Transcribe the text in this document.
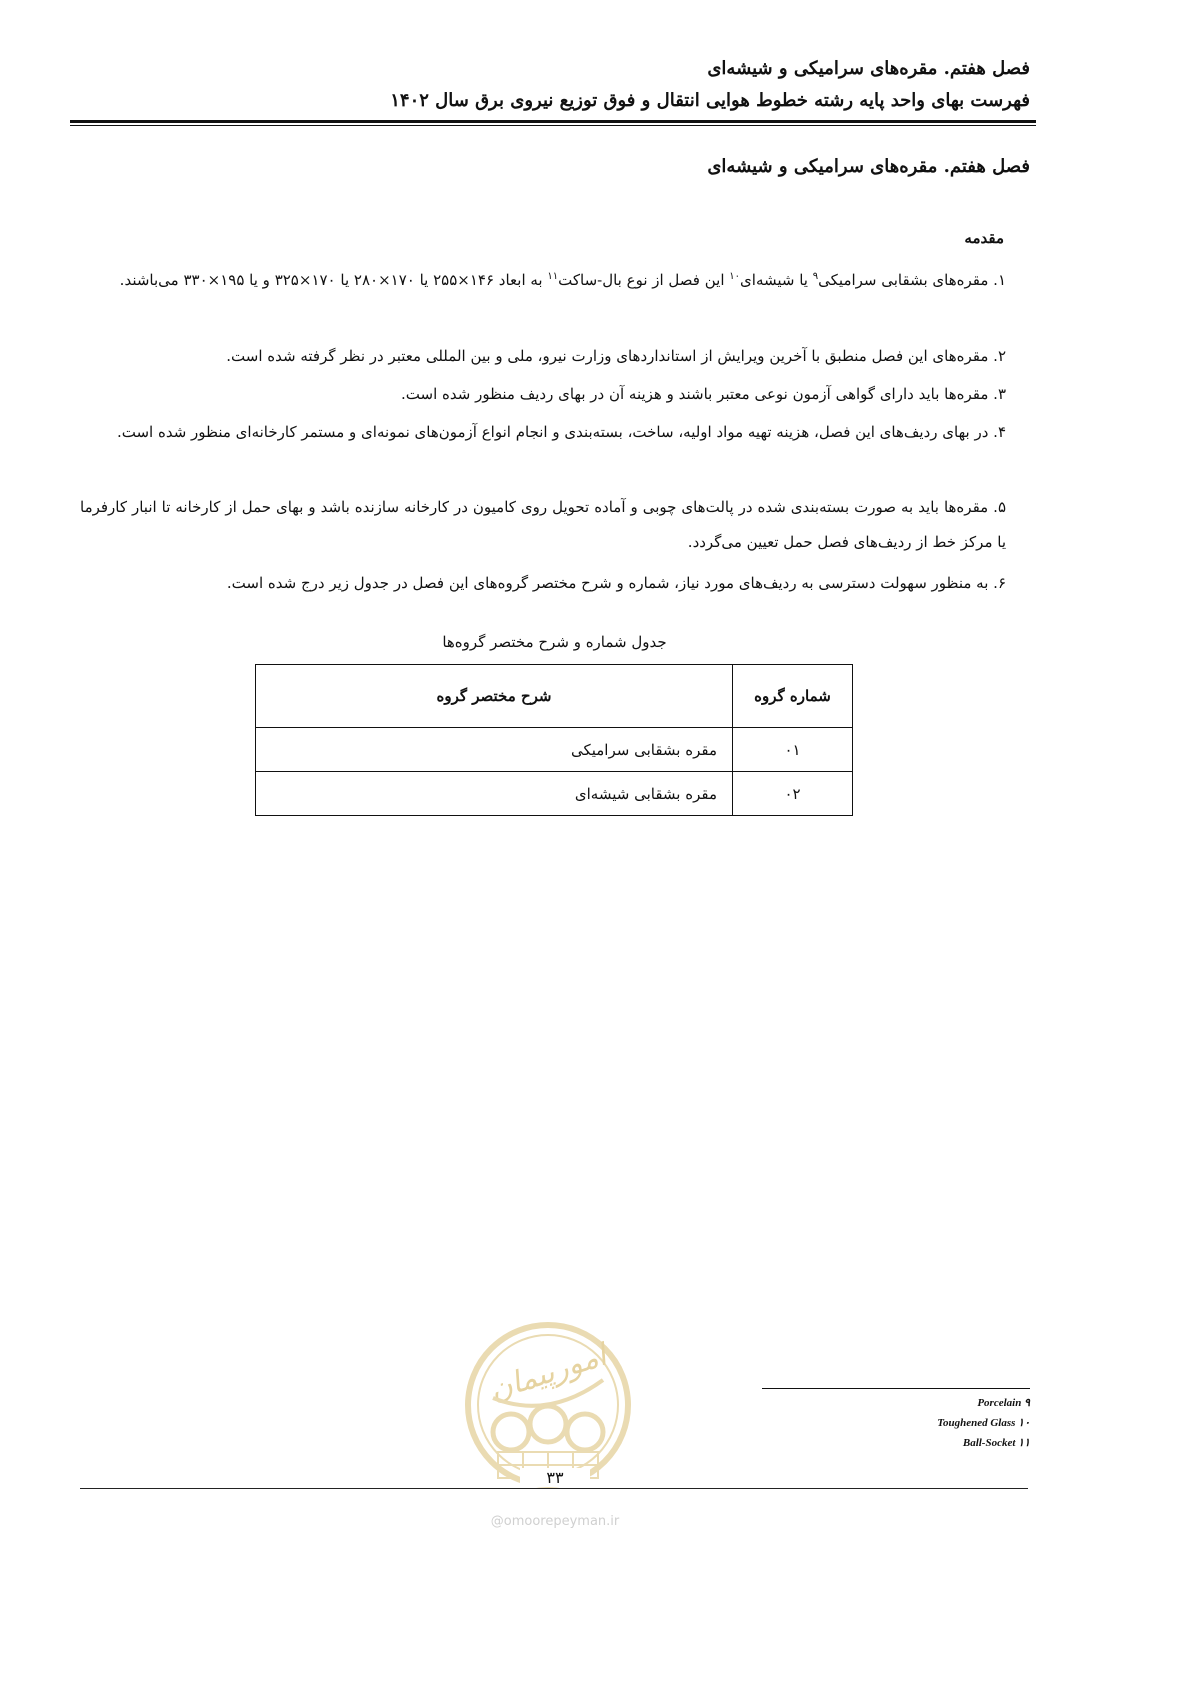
فصل هفتم. مقره‌های سرامیکی و شیشه‌ای
فهرست بهای واحد پایه رشته خطوط هوایی انتقال و فوق توزیع نیروی برق سال ۱۴۰۲
فصل هفتم. مقره‌های سرامیکی و شیشه‌ای
مقدمه
۱. مقره‌های بشقابی سرامیکی$^۹$ یا شیشه‌ای$^{۱۰}$ این فصل از نوع بال-ساکت$^{۱۱}$ به ابعاد ۱۴۶×۲۵۵ یا ۱۷۰×۲۸۰ یا ۱۷۰×۳۲۵ و یا ۱۹۵×۳۳۰ می‌باشند.
۲. مقره‌های این فصل منطبق با آخرین ویرایش از استانداردهای وزارت نیرو، ملی و بین المللی معتبر در نظر گرفته شده است.
۳. مقره‌ها باید دارای گواهی آزمون نوعی معتبر باشند و هزینه آن در بهای ردیف منظور شده است.
۴. در بهای ردیف‌های این فصل، هزینه تهیه مواد اولیه، ساخت، بسته‌بندی و انجام انواع آزمون‌های نمونه‌ای و مستمر کارخانه‌ای منظور شده است.
۵. مقره‌ها باید به صورت بسته‌بندی شده در پالت‌های چوبی و آماده تحویل روی کامیون در کارخانه سازنده باشد و بهای حمل از کارخانه تا انبار کارفرما یا مرکز خط از ردیف‌های فصل حمل تعیین می‌گردد.
۶. به منظور سهولت دسترسی به ردیف‌های مورد نیاز، شماره و شرح مختصر گروه‌های این فصل در جدول زیر درج شده است.
جدول شماره و شرح مختصر گروه‌ها
شماره گروه	شرح مختصر گروه
۰۱	مقره بشقابی سرامیکی
۰۲	مقره بشقابی شیشه‌ای
امورپیمان	۹ Porcelain
۱۰ Toughened Glass
۱۱ Ball-Socket
۳۳
@omoorepeyman.ir
